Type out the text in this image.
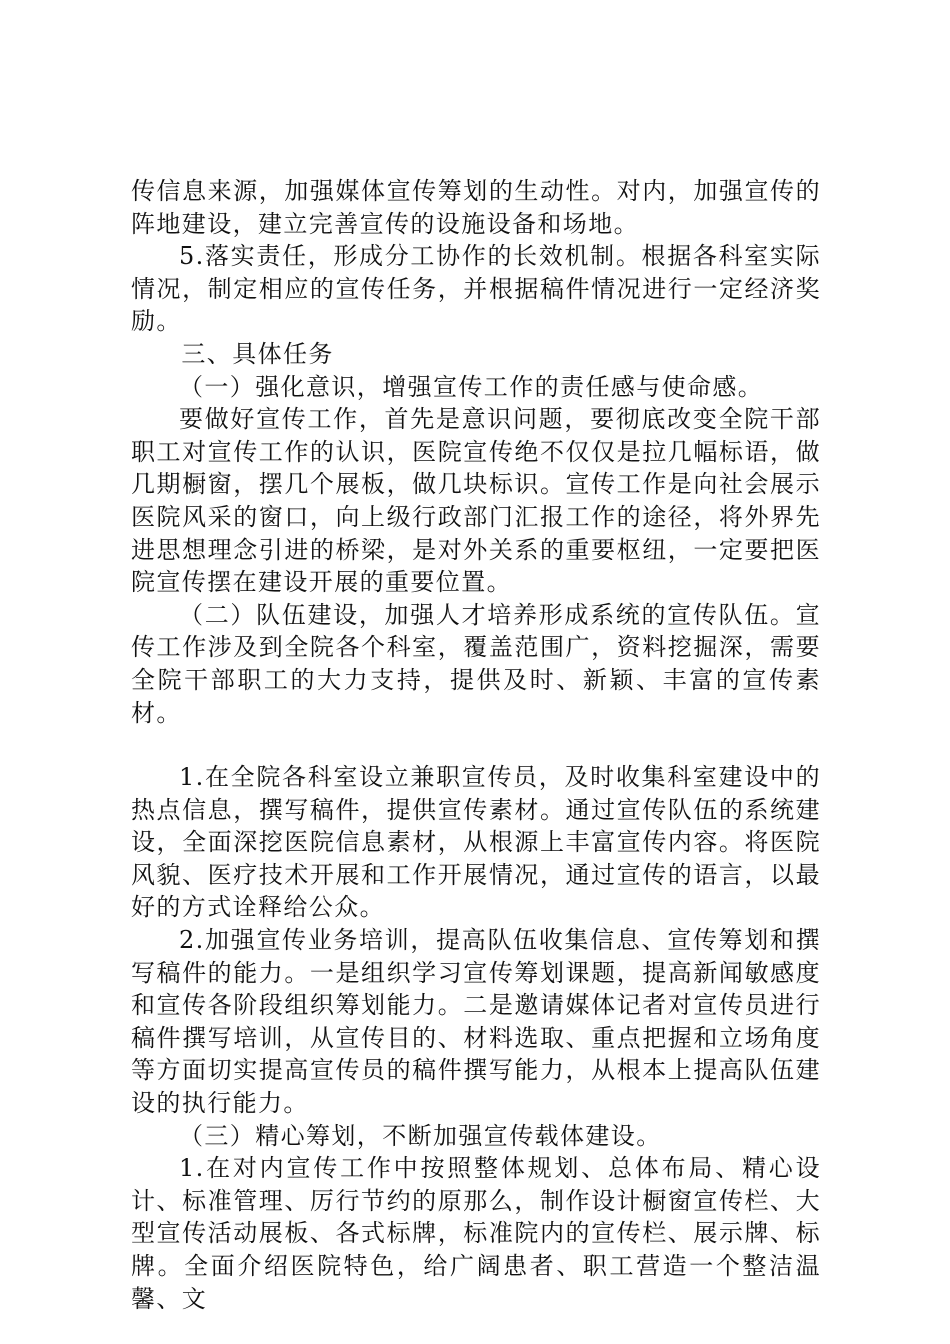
传信息来源，加强媒体宣传筹划的生动性。对内，加强宣传的阵地建设，建立完善宣传的设施设备和场地。

5.落实责任，形成分工协作的长效机制。根据各科室实际情况，制定相应的宣传任务，并根据稿件情况进行一定经济奖励。

三、具体任务

（一）强化意识，增强宣传工作的责任感与使命感。

要做好宣传工作，首先是意识问题，要彻底改变全院干部职工对宣传工作的认识，医院宣传绝不仅仅是拉几幅标语，做几期橱窗，摆几个展板，做几块标识。宣传工作是向社会展示医院风采的窗口，向上级行政部门汇报工作的途径，将外界先进思想理念引进的桥梁，是对外关系的重要枢纽，一定要把医院宣传摆在建设开展的重要位置。

（二）队伍建设，加强人才培养形成系统的宣传队伍。宣传工作涉及到全院各个科室，覆盖范围广，资料挖掘深，需要全院干部职工的大力支持，提供及时、新颖、丰富的宣传素材。

1.在全院各科室设立兼职宣传员，及时收集科室建设中的热点信息，撰写稿件，提供宣传素材。通过宣传队伍的系统建设，全面深挖医院信息素材，从根源上丰富宣传内容。将医院风貌、医疗技术开展和工作开展情况，通过宣传的语言，以最好的方式诠释给公众。

2.加强宣传业务培训，提高队伍收集信息、宣传筹划和撰写稿件的能力。一是组织学习宣传筹划课题，提高新闻敏感度和宣传各阶段组织筹划能力。二是邀请媒体记者对宣传员进行稿件撰写培训，从宣传目的、材料选取、重点把握和立场角度等方面切实提高宣传员的稿件撰写能力，从根本上提高队伍建设的执行能力。

（三）精心筹划，不断加强宣传载体建设。

1.在对内宣传工作中按照整体规划、总体布局、精心设计、标准管理、厉行节约的原那么，制作设计橱窗宣传栏、大型宣传活动展板、各式标牌，标准院内的宣传栏、展示牌、标牌。全面介绍医院特色，给广阔患者、职工营造一个整洁温馨、文
